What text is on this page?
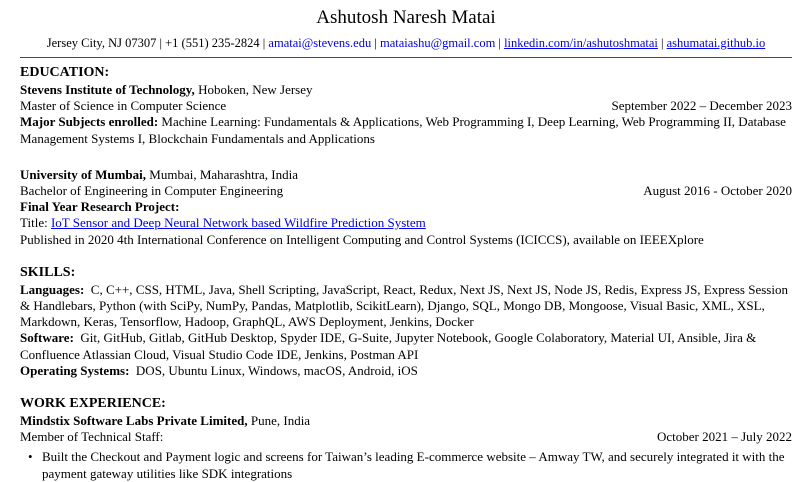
Ashutosh Naresh Matai
Jersey City, NJ 07307 | +1 (551) 235-2824 | amatai@stevens.edu | mataiashu@gmail.com | linkedin.com/in/ashutoshmatai | ashumatai.github.io
EDUCATION:

Stevens Institute of Technology, Hoboken, New Jersey

Master of Science in Computer Science	September 2022 – December 2023

Major Subjects enrolled: Machine Learning: Fundamentals & Applications, Web Programming I, Deep Learning, Web Programming II, Database Management Systems I, Blockchain Fundamentals and Applications

University of Mumbai, Mumbai, Maharashtra, India

Bachelor of Engineering in Computer Engineering	August 2016 - October 2020

Final Year Research Project:

Title: IoT Sensor and Deep Neural Network based Wildfire Prediction System

Published in 2020 4th International Conference on Intelligent Computing and Control Systems (ICICCS), available on IEEEXplore

SKILLS:

Languages:  C, C++, CSS, HTML, Java, Shell Scripting, JavaScript, React, Redux, Next JS, Next JS, Node JS, Redis, Express JS, Express Session & Handlebars, Python (with SciPy, NumPy, Pandas, Matplotlib, ScikitLearn), Django, SQL, Mongo DB, Mongoose, Visual Basic, XML, XSL, Markdown, Keras, Tensorflow, Hadoop, GraphQL, AWS Deployment, Jenkins, Docker

Software:  Git, GitHub, Gitlab, GitHub Desktop, Spyder IDE, G-Suite, Jupyter Notebook, Google Colaboratory, Material UI, Ansible, Jira & Confluence Atlassian Cloud, Visual Studio Code IDE, Jenkins, Postman API

Operating Systems:  DOS, Ubuntu Linux, Windows, macOS, Android, iOS

WORK EXPERIENCE:

Mindstix Software Labs Private Limited, Pune, India

Member of Technical Staff:	October 2021 – July 2022

• Built the Checkout and Payment logic and screens for Taiwan’s leading E-commerce website – Amway TW, and securely integrated it with the payment gateway utilities like SDK integrations
